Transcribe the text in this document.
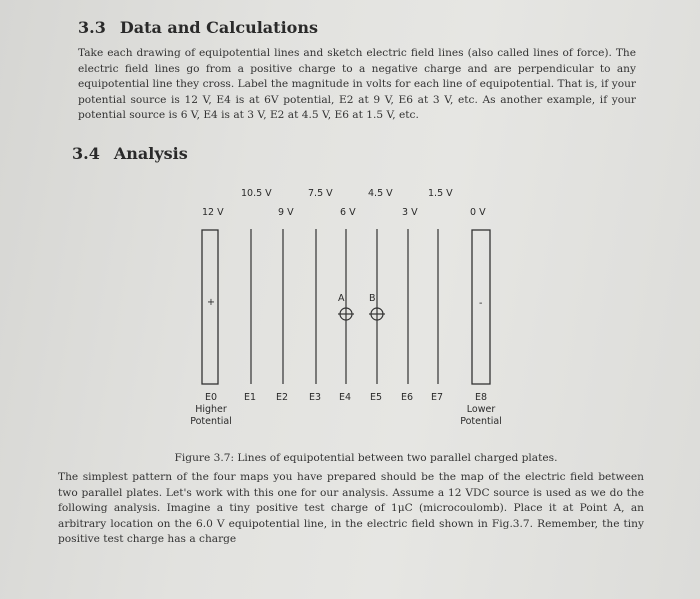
3.3 Data and Calculations
Take each drawing of equipotential lines and sketch electric field lines (also called lines of force). The electric field lines go from a positive charge to a negative charge and are perpendicular to any equipotential line they cross. Label the magnitude in volts for each line of equipotential. That is, if your potential source is 12 V, E4 is at 6V potential, E2 at 9 V, E6 at 3 V, etc. As another example, if your potential source is 6 V, E4 is at 3 V, E2 at 4.5 V, E6 at 1.5 V, etc.
3.4 Analysis
10.5 V	7.5 V	4.5 V	1.5 V
12 V	9 V	6 V	3 V	0 V
+	-
A	B
E0
Higher
Potential
E1 E2 E3 E4 E5 E6 E7	E8
Lower
Potential
Figure 3.7: Lines of equipotential between two parallel charged plates.
The simplest pattern of the four maps you have prepared should be the map of the electric field between two parallel plates. Let's work with this one for our analysis. Assume a 12 VDC source is used as we do the following analysis. Imagine a tiny positive test charge of 1μC (microcoulomb). Place it at Point A, an arbitrary location on the 6.0 V equipotential line, in the electric field shown in Fig.3.7. Remember, the tiny positive test charge has a charge
